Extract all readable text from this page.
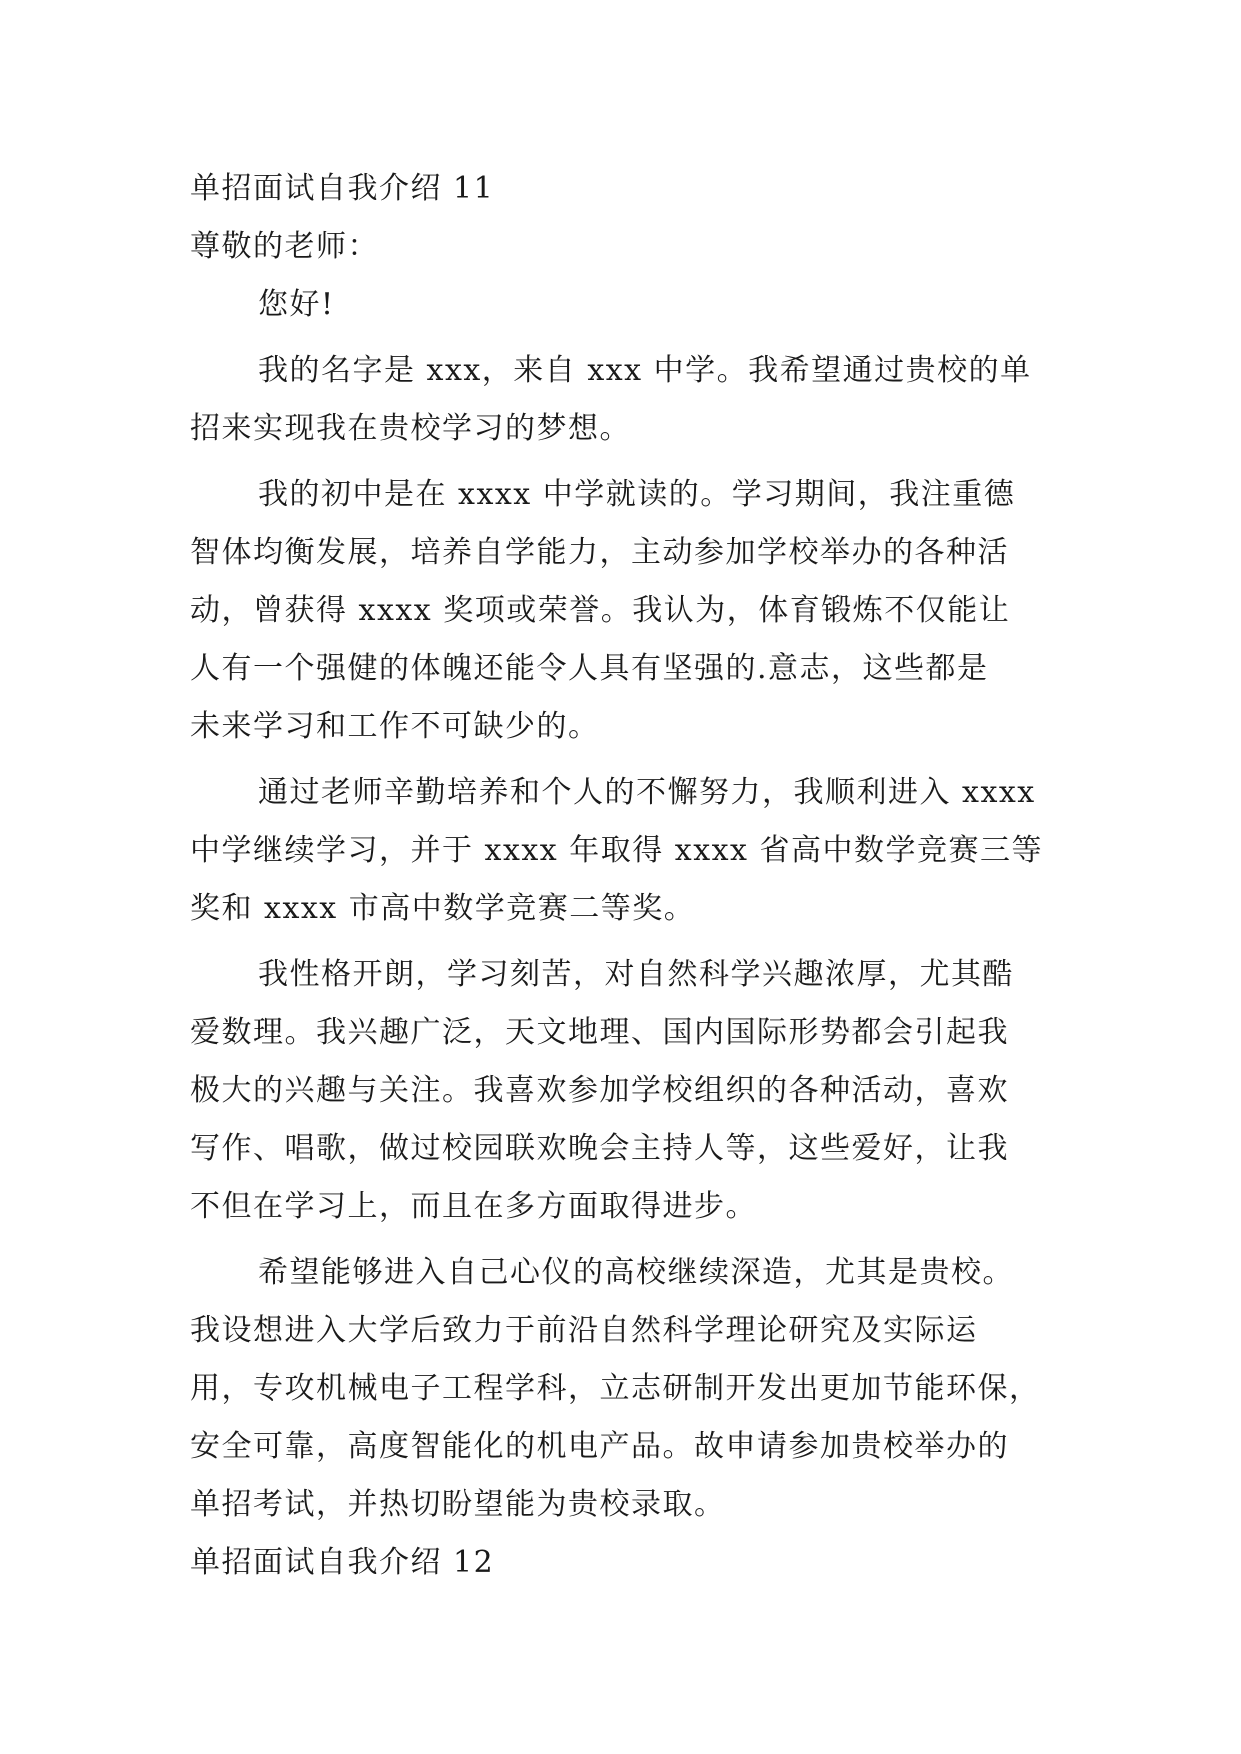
单招面试自我介绍 11
尊敬的老师：
您好!
我的名字是 xxx，来自 xxx 中学。我希望通过贵校的单
招来实现我在贵校学习的梦想。
我的初中是在 xxxx 中学就读的。学习期间，我注重德
智体均衡发展，培养自学能力，主动参加学校举办的各种活
动，曾获得 xxxx 奖项或荣誉。我认为，体育锻炼不仅能让
人有一个强健的体魄还能令人具有坚强的.意志，这些都是
未来学习和工作不可缺少的。
通过老师辛勤培养和个人的不懈努力，我顺利进入 xxxx
中学继续学习，并于 xxxx 年取得 xxxx 省高中数学竞赛三等
奖和 xxxx 市高中数学竞赛二等奖。
我性格开朗，学习刻苦，对自然科学兴趣浓厚，尤其酷
爱数理。我兴趣广泛，天文地理、国内国际形势都会引起我
极大的兴趣与关注。我喜欢参加学校组织的各种活动，喜欢
写作、唱歌，做过校园联欢晚会主持人等，这些爱好，让我
不但在学习上，而且在多方面取得进步。
希望能够进入自己心仪的高校继续深造，尤其是贵校。
我设想进入大学后致力于前沿自然科学理论研究及实际运
用，专攻机械电子工程学科，立志研制开发出更加节能环保，
安全可靠，高度智能化的机电产品。故申请参加贵校举办的
单招考试，并热切盼望能为贵校录取。
单招面试自我介绍 12
